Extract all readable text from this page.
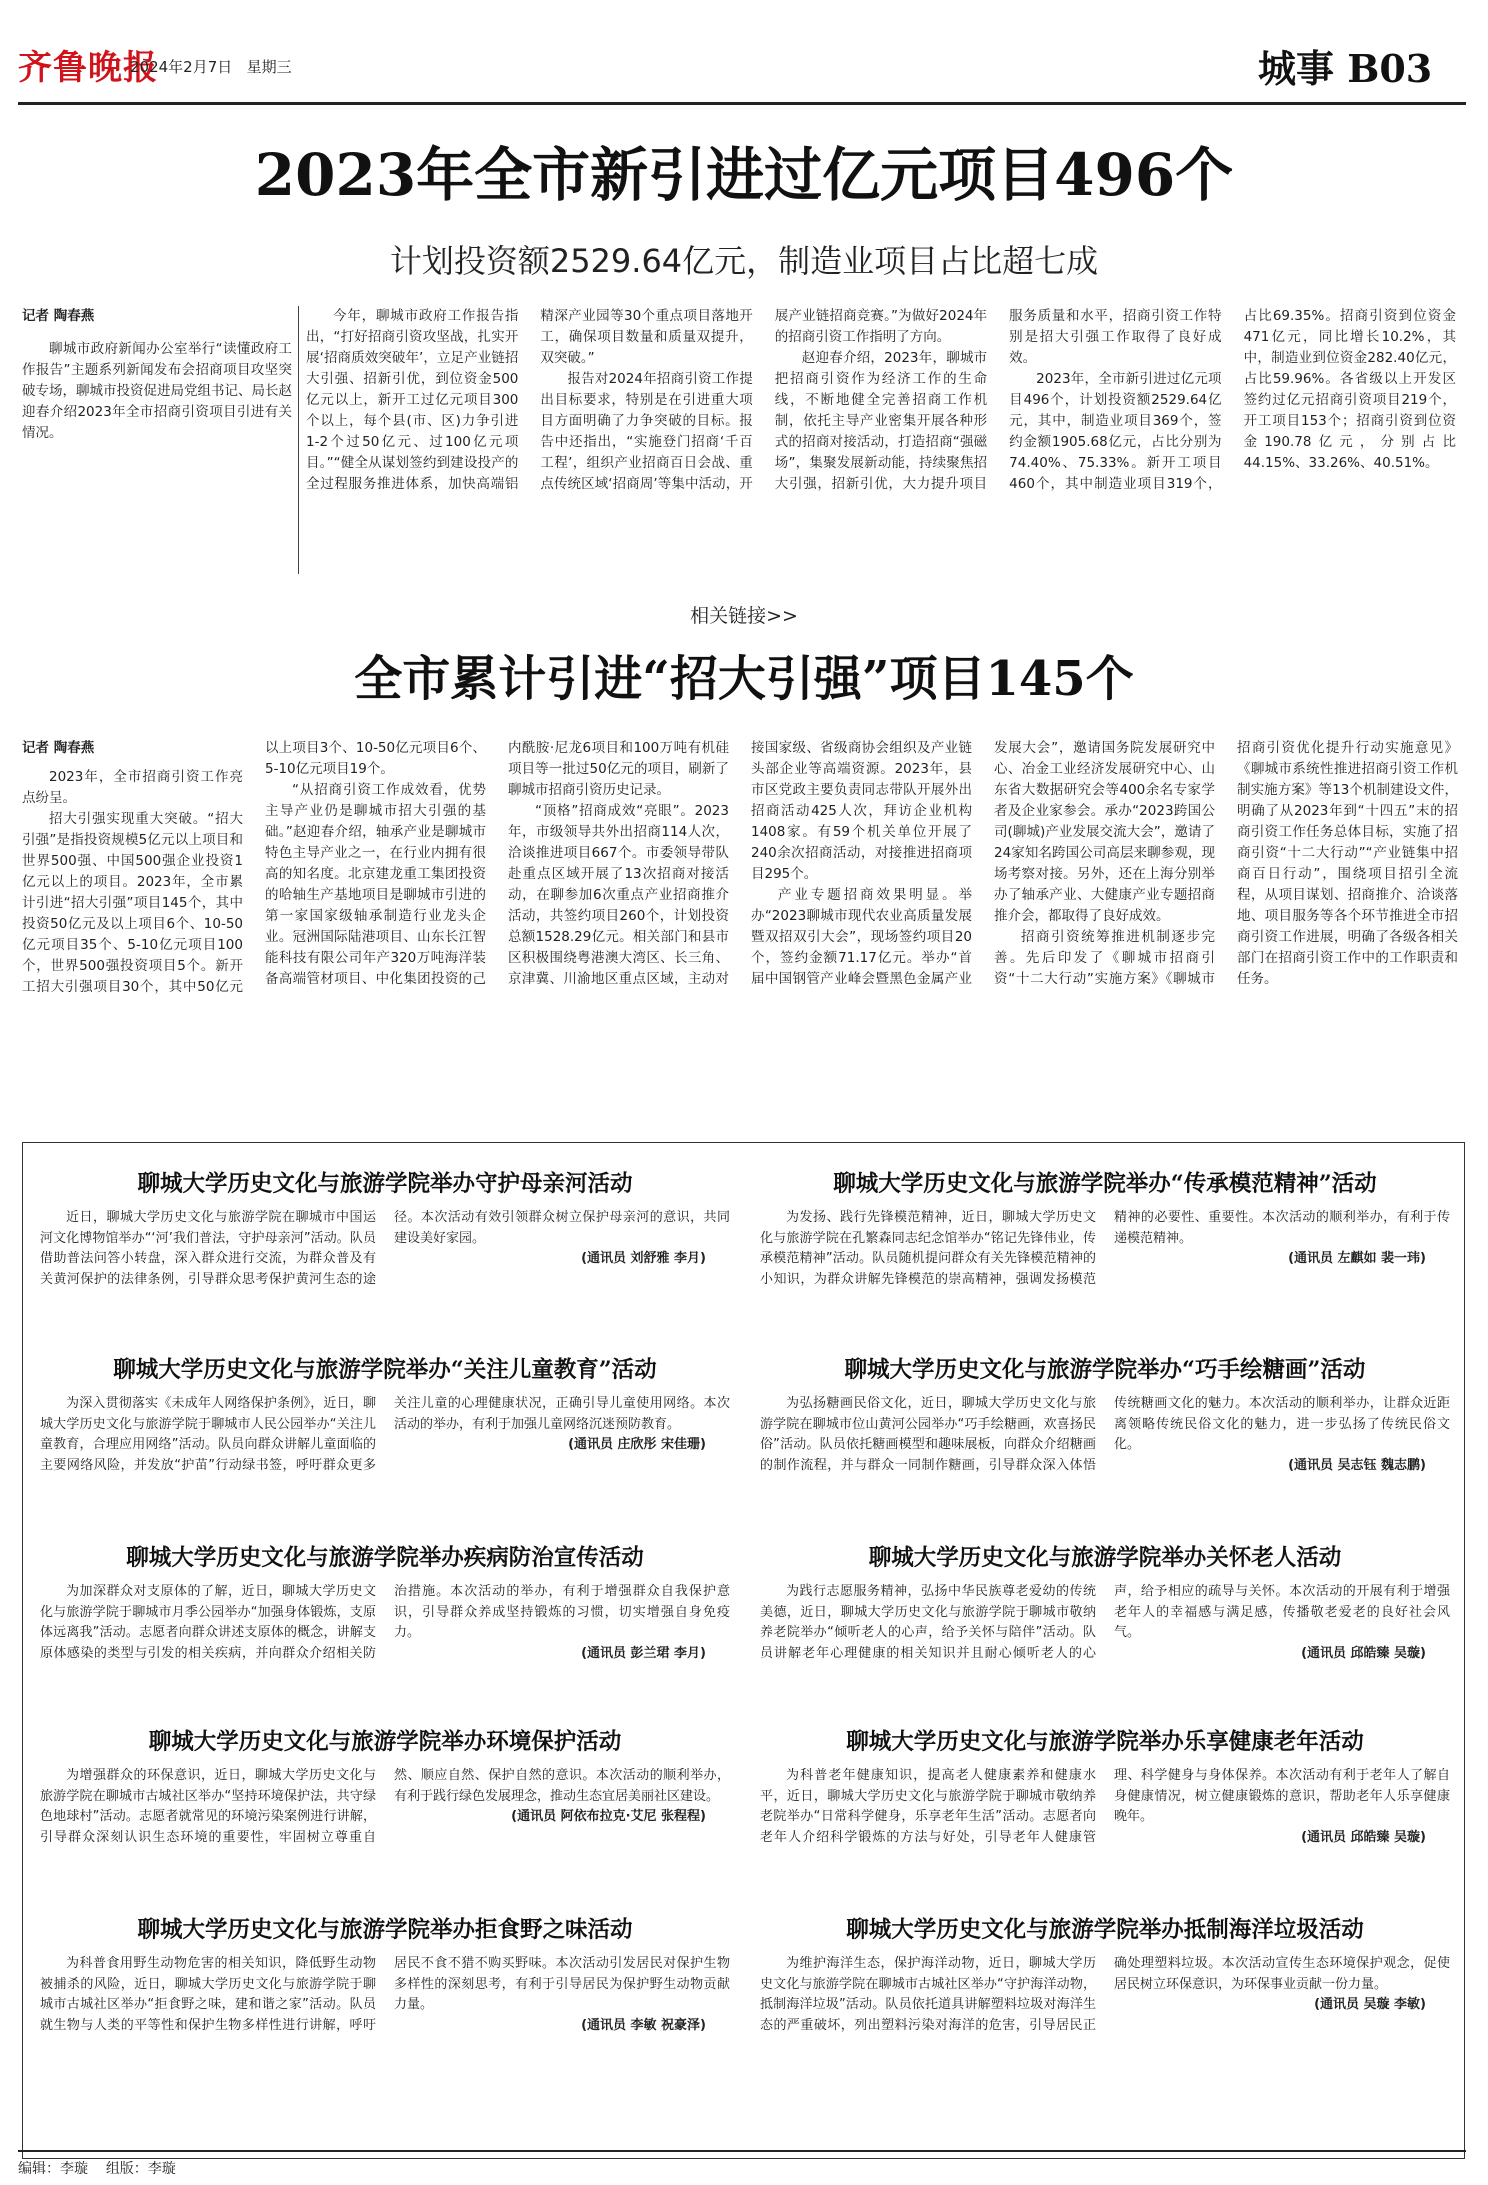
齐鲁晚报
2024年2月7日 星期三	城事 B03
2023年全市新引进过亿元项目496个
计划投资额2529.64亿元，制造业项目占比超七成

记者 陶春燕

聊城市政府新闻办公室举行“读懂政府工作报告”主题系列新闻发布会招商项目攻坚突破专场，聊城市投资促进局党组书记、局长赵迎春介绍2023年全市招商引资项目引进有关情况。

今年，聊城市政府工作报告指出，“打好招商引资攻坚战，扎实开展‘招商质效突破年’，立足产业链招大引强、招新引优，到位资金500亿元以上，新开工过亿元项目300个以上，每个县(市、区)力争引进1-2个过50亿元、过100亿元项目。”“健全从谋划签约到建设投产的全过程服务推进体系，加快高端铝精深产业园等30个重点项目落地开工，确保项目数量和质量双提升，双突破。”

报告对2024年招商引资工作提出目标要求，特别是在引进重大项目方面明确了力争突破的目标。报告中还指出，“实施登门招商‘千百工程’，组织产业招商百日会战、重点传统区域‘招商周’等集中活动，开展产业链招商竞赛。”为做好2024年的招商引资工作指明了方向。

赵迎春介绍，2023年，聊城市把招商引资作为经济工作的生命线，不断地健全完善招商工作机制，依托主导产业密集开展各种形式的招商对接活动，打造招商“强磁场”，集聚发展新动能，持续聚焦招大引强，招新引优，大力提升项目服务质量和水平，招商引资工作特别是招大引强工作取得了良好成效。

2023年，全市新引进过亿元项目496个，计划投资额2529.64亿元，其中，制造业项目369个，签约金额1905.68亿元，占比分别为74.40%、75.33%。新开工项目460个，其中制造业项目319个，占比69.35%。招商引资到位资金471亿元，同比增长10.2%，其中，制造业到位资金282.40亿元，占比59.96%。各省级以上开发区签约过亿元招商引资项目219个，开工项目153个；招商引资到位资金190.78亿元，分别占比44.15%、33.26%、40.51%。

相关链接>>
全市累计引进“招大引强”项目145个

记者 陶春燕

2023年，全市招商引资工作亮点纷呈。

招大引强实现重大突破。“招大引强”是指投资规模5亿元以上项目和世界500强、中国500强企业投资1亿元以上的项目。2023年，全市累计引进“招大引强”项目145个，其中投资50亿元及以上项目6个、10-50亿元项目35个、5-10亿元项目100个，世界500强投资项目5个。新开工招大引强项目30个，其中50亿元以上项目3个、10-50亿元项目6个、5-10亿元项目19个。

“从招商引资工作成效看，优势主导产业仍是聊城市招大引强的基础。”赵迎春介绍，轴承产业是聊城市特色主导产业之一，在行业内拥有很高的知名度。北京建龙重工集团投资的哈轴生产基地项目是聊城市引进的第一家国家级轴承制造行业龙头企业。冠洲国际陆港项目、山东长江智能科技有限公司年产320万吨海洋装备高端管材项目、中化集团投资的己内酰胺·尼龙6项目和100万吨有机硅项目等一批过50亿元的项目，刷新了聊城市招商引资历史记录。

“顶格”招商成效“亮眼”。2023年，市级领导共外出招商114人次，洽谈推进项目667个。市委领导带队赴重点区域开展了13次招商对接活动，在聊参加6次重点产业招商推介活动，共签约项目260个，计划投资总额1528.29亿元。相关部门和县市区积极围绕粤港澳大湾区、长三角、京津冀、川渝地区重点区域，主动对接国家级、省级商协会组织及产业链头部企业等高端资源。2023年，县市区党政主要负责同志带队开展外出招商活动425人次，拜访企业机构1408家。有59个机关单位开展了240余次招商活动，对接推进招商项目295个。

产业专题招商效果明显。举办“2023聊城市现代农业高质量发展暨双招双引大会”，现场签约项目20个，签约金额71.17亿元。举办“首届中国钢管产业峰会暨黑色金属产业发展大会”，邀请国务院发展研究中心、冶金工业经济发展研究中心、山东省大数据研究会等400余名专家学者及企业家参会。承办“2023跨国公司(聊城)产业发展交流大会”，邀请了24家知名跨国公司高层来聊参观，现场考察对接。另外，还在上海分别举办了轴承产业、大健康产业专题招商推介会，都取得了良好成效。

招商引资统筹推进机制逐步完善。先后印发了《聊城市招商引资“十二大行动”实施方案》《聊城市招商引资优化提升行动实施意见》《聊城市系统性推进招商引资工作机制实施方案》等13个机制建设文件，明确了从2023年到“十四五”末的招商引资工作任务总体目标，实施了招商引资“十二大行动”“产业链集中招商百日行动”，围绕项目招引全流程，从项目谋划、招商推介、洽谈落地、项目服务等各个环节推进全市招商引资工作进展，明确了各级各相关部门在招商引资工作中的工作职责和任务。

聊城大学历史文化与旅游学院举办守护母亲河活动

近日，聊城大学历史文化与旅游学院在聊城市中国运河文化博物馆举办“‘河’我们普法，守护母亲河”活动。队员借助普法问答小转盘，深入群众进行交流，为群众普及有关黄河保护的法律条例，引导群众思考保护黄河生态的途径。本次活动有效引领群众树立保护母亲河的意识，共同建设美好家园。

(通讯员 刘舒雅 李月)
聊城大学历史文化与旅游学院举办“传承模范精神”活动

为发扬、践行先锋模范精神，近日，聊城大学历史文化与旅游学院在孔繁森同志纪念馆举办“铭记先锋伟业，传承模范精神”活动。队员随机提问群众有关先锋模范精神的小知识，为群众讲解先锋模范的崇高精神，强调发扬模范精神的必要性、重要性。本次活动的顺利举办，有利于传递模范精神。

(通讯员 左麒如 裴一玮)
聊城大学历史文化与旅游学院举办“关注儿童教育”活动

为深入贯彻落实《未成年人网络保护条例》，近日，聊城大学历史文化与旅游学院于聊城市人民公园举办“关注儿童教育，合理应用网络”活动。队员向群众讲解儿童面临的主要网络风险，并发放“护苗”行动绿书签，呼吁群众更多关注儿童的心理健康状况，正确引导儿童使用网络。本次活动的举办，有利于加强儿童网络沉迷预防教育。

(通讯员 庄欣彤 宋佳珊)
聊城大学历史文化与旅游学院举办“巧手绘糖画”活动

为弘扬糖画民俗文化，近日，聊城大学历史文化与旅游学院在聊城市位山黄河公园举办“巧手绘糖画，欢喜扬民俗”活动。队员依托糖画模型和趣味展板，向群众介绍糖画的制作流程，并与群众一同制作糖画，引导群众深入体悟传统糖画文化的魅力。本次活动的顺利举办，让群众近距离领略传统民俗文化的魅力，进一步弘扬了传统民俗文化。

(通讯员 吴志钰 魏志鹏)
聊城大学历史文化与旅游学院举办疾病防治宣传活动

为加深群众对支原体的了解，近日，聊城大学历史文化与旅游学院于聊城市月季公园举办“加强身体锻炼，支原体远离我”活动。志愿者向群众讲述支原体的概念，讲解支原体感染的类型与引发的相关疾病，并向群众介绍相关防治措施。本次活动的举办，有利于增强群众自我保护意识，引导群众养成坚持锻炼的习惯，切实增强自身免疫力。

(通讯员 彭兰珺 李月)
聊城大学历史文化与旅游学院举办关怀老人活动

为践行志愿服务精神，弘扬中华民族尊老爱幼的传统美德，近日，聊城大学历史文化与旅游学院于聊城市敬纳养老院举办“倾听老人的心声，给予关怀与陪伴”活动。队员讲解老年心理健康的相关知识并且耐心倾听老人的心声，给予相应的疏导与关怀。本次活动的开展有利于增强老年人的幸福感与满足感，传播敬老爱老的良好社会风气。

(通讯员 邱皓臻 吴璇)
聊城大学历史文化与旅游学院举办环境保护活动

为增强群众的环保意识，近日，聊城大学历史文化与旅游学院在聊城市古城社区举办“坚持环境保护法，共守绿色地球村”活动。志愿者就常见的环境污染案例进行讲解，引导群众深刻认识生态环境的重要性，牢固树立尊重自然、顺应自然、保护自然的意识。本次活动的顺利举办，有利于践行绿色发展理念，推动生态宜居美丽社区建设。

(通讯员 阿依布拉克·艾尼 张程程)
聊城大学历史文化与旅游学院举办乐享健康老年活动

为科普老年健康知识，提高老人健康素养和健康水平，近日，聊城大学历史文化与旅游学院于聊城市敬纳养老院举办“日常科学健身，乐享老年生活”活动。志愿者向老年人介绍科学锻炼的方法与好处，引导老年人健康管理、科学健身与身体保养。本次活动有利于老年人了解自身健康情况，树立健康锻炼的意识，帮助老年人乐享健康晚年。

(通讯员 邱皓臻 吴璇)
聊城大学历史文化与旅游学院举办拒食野之味活动

为科普食用野生动物危害的相关知识，降低野生动物被捕杀的风险，近日，聊城大学历史文化与旅游学院于聊城市古城社区举办“拒食野之味，建和谐之家”活动。队员就生物与人类的平等性和保护生物多样性进行讲解，呼吁居民不食不猎不购买野味。本次活动引发居民对保护生物多样性的深刻思考，有利于引导居民为保护野生动物贡献力量。

(通讯员 李敏 祝豪泽)
聊城大学历史文化与旅游学院举办抵制海洋垃圾活动

为维护海洋生态，保护海洋动物，近日，聊城大学历史文化与旅游学院在聊城市古城社区举办“守护海洋动物，抵制海洋垃圾”活动。队员依托道具讲解塑料垃圾对海洋生态的严重破坏，列出塑料污染对海洋的危害，引导居民正确处理塑料垃圾。本次活动宣传生态环境保护观念，促使居民树立环保意识，为环保事业贡献一份力量。

(通讯员 吴璇 李敏)
编辑：李璇 组版：李璇
